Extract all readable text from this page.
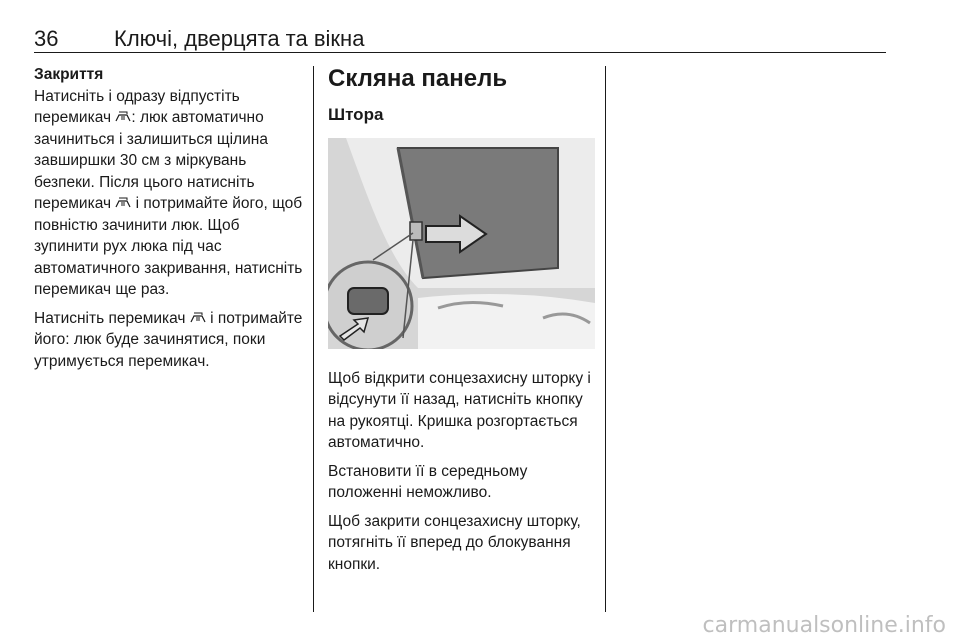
36	Ключі, дверцята та вікна
Закриття

Натисніть і одразу відпустіть перемикач : люк автоматично зачиниться і залишиться щілина завширшки 30 см з міркувань безпеки. Після цього натисніть перемикач  і потримайте його, щоб повністю зачинити люк. Щоб зупинити рух люка під час автоматичного закривання, натисніть перемикач ще раз.

Натисніть перемикач  і потримайте його: люк буде зачинятися, поки утримується перемикач.

Скляна панель
Штора

Щоб відкрити сонцезахисну шторку і відсунути її назад, натисніть кнопку на рукоятці. Кришка розгортається автоматично.

Встановити її в середньому положенні неможливо.

Щоб закрити сонцезахисну шторку, потягніть її вперед до блокування кнопки.

carmanualsonline.info
